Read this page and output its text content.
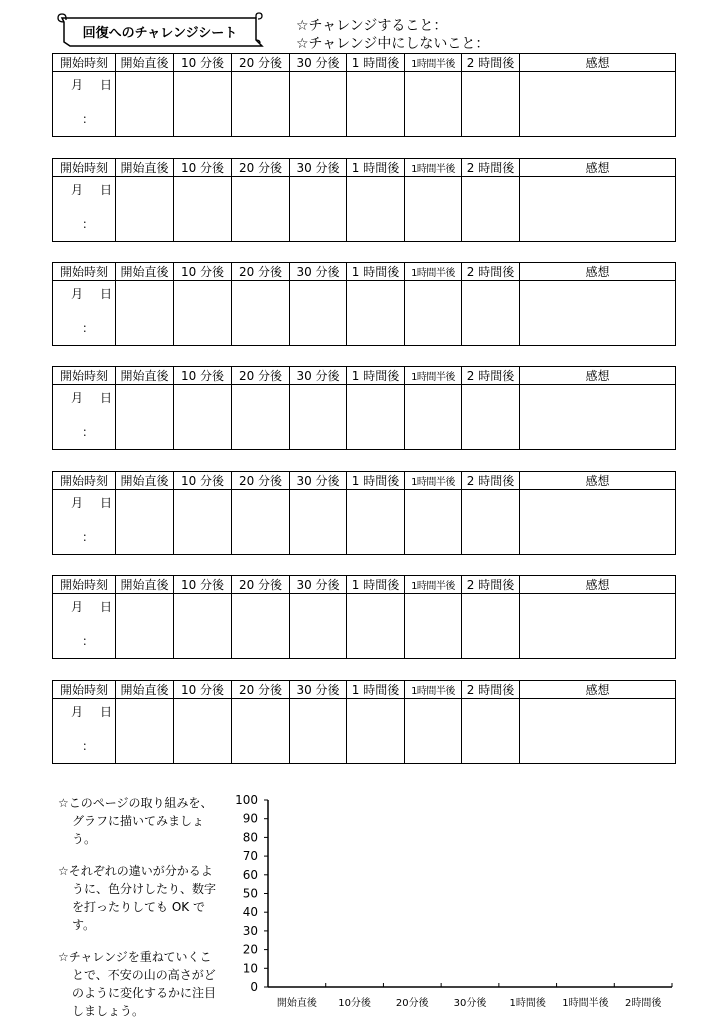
回復へのチャレンジシート	☆チャレンジすること：
☆チャレンジ中にしないこと：
開始時刻	開始直後	10 分後	20 分後	30 分後	1 時間後	1時間半後	2 時間後	感想

月 日
：								

開始時刻	開始直後	10 分後	20 分後	30 分後	1 時間後	1時間半後	2 時間後	感想

月 日
：								

開始時刻	開始直後	10 分後	20 分後	30 分後	1 時間後	1時間半後	2 時間後	感想

月 日
：								

開始時刻	開始直後	10 分後	20 分後	30 分後	1 時間後	1時間半後	2 時間後	感想

月 日
：								

開始時刻	開始直後	10 分後	20 分後	30 分後	1 時間後	1時間半後	2 時間後	感想

月 日
：								

開始時刻	開始直後	10 分後	20 分後	30 分後	1 時間後	1時間半後	2 時間後	感想

月 日
：								

開始時刻	開始直後	10 分後	20 分後	30 分後	1 時間後	1時間半後	2 時間後	感想

月 日
：								

☆このページの取り組みを、グラフに描いてみましょう。

☆それぞれの違いが分かるように、色分けしたり、数字を打ったりしても OK です。

☆チャレンジを重ねていくことで、不安の山の高さがどのように変化するかに注目しましょう。

0
10
20
30
40
50
60
70
80
90
100
開始直後 10分後 20分後 30分後 1時間後 1時間半後 2時間後
